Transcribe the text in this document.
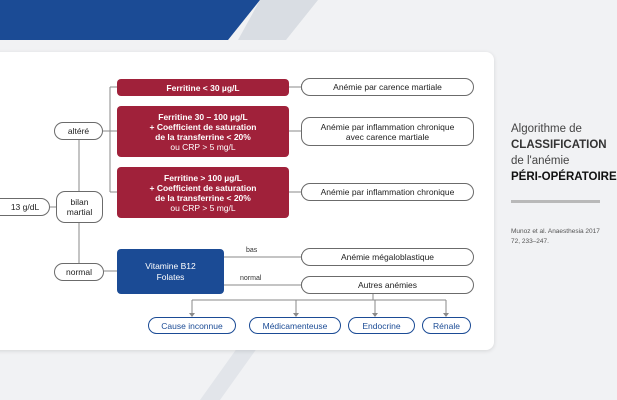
13 g/dL	bilan
martial
altéré
normal
Ferritine < 30 µg/L
Ferritine 30 – 100 µg/L
+ Coefficient de saturation
de la transferrine < 20%
ou CRP > 5 mg/L
Ferritine > 100 µg/L
+ Coefficient de saturation
de la transferrine < 20%
ou CRP > 5 mg/L
Vitamine B12
Folates
bas
normal
Anémie par carence martiale
Anémie par inflammation chronique
avec carence martiale
Anémie par inflammation chronique
Anémie mégaloblastique
Autres anémies
Cause inconnue	Médicamenteuse	Endocrine	Rénale
Algorithme de
CLASSIFICATION
de l'anémie
PÉRI-OPÉRATOIRE
Munoz et al. Anaesthesia 2017
72, 233–247.
